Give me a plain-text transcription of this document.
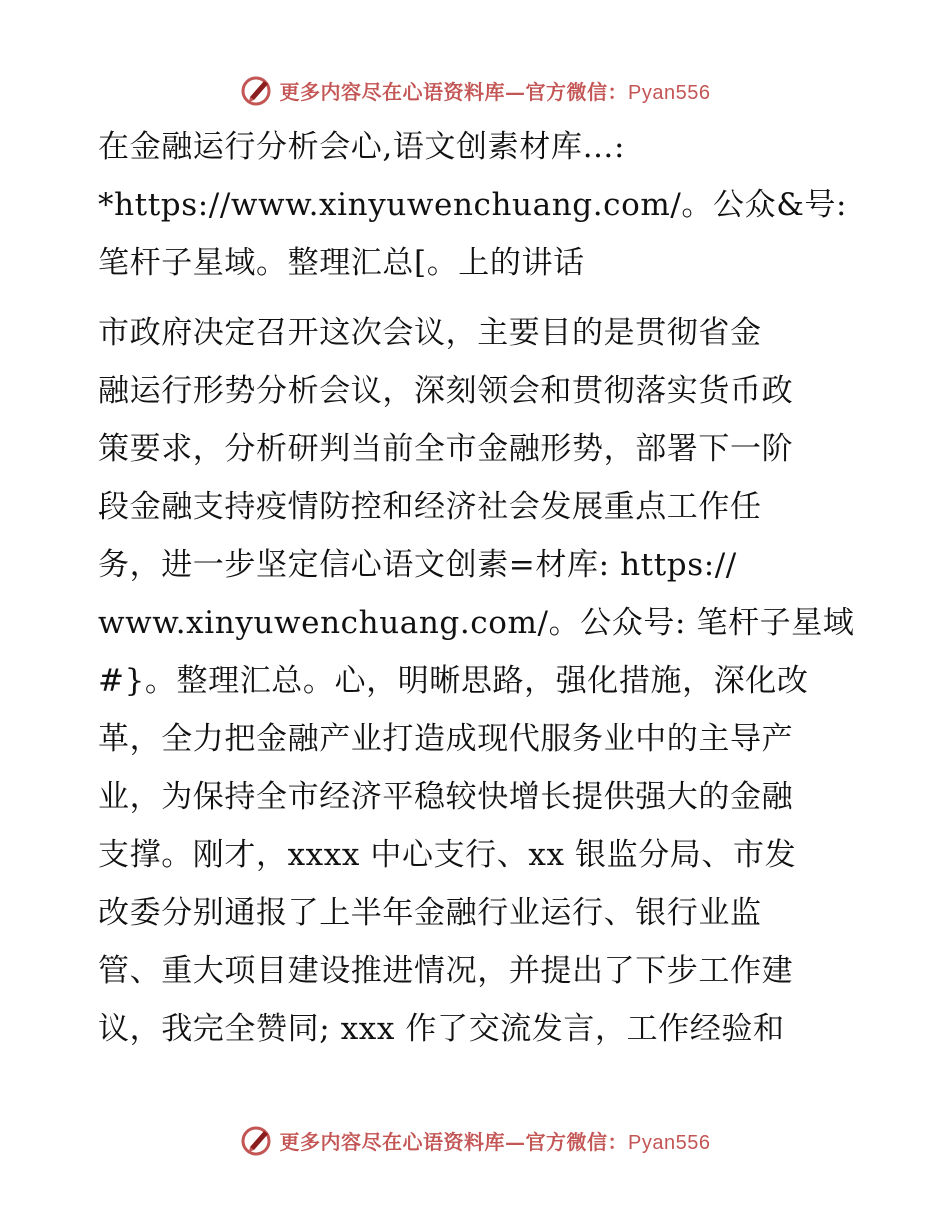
更多内容尽在心语资料库—官方微信：Pyan556
在金融运行分析会心,语文创素材库…:
*https://www.xinyuwenchuang.com/。公众&号:
笔杆子星域。整理汇总[。上的讲话
市政府决定召开这次会议，主要目的是贯彻省金
融运行形势分析会议，深刻领会和贯彻落实货币政
策要求，分析研判当前全市金融形势，部署下一阶
段金融支持疫情防控和经济社会发展重点工作任
务，进一步坚定信心语文创素=材库: https://
www.xinyuwenchuang.com/。公众号: 笔杆子星域
#}。整理汇总。心，明晰思路，强化措施，深化改
革，全力把金融产业打造成现代服务业中的主导产
业，为保持全市经济平稳较快增长提供强大的金融
支撑。刚才，xxxx 中心支行、xx 银监分局、市发
改委分别通报了上半年金融行业运行、银行业监
管、重大项目建设推进情况，并提出了下步工作建
议，我完全赞同; xxx 作了交流发言，工作经验和
更多内容尽在心语资料库—官方微信：Pyan556
